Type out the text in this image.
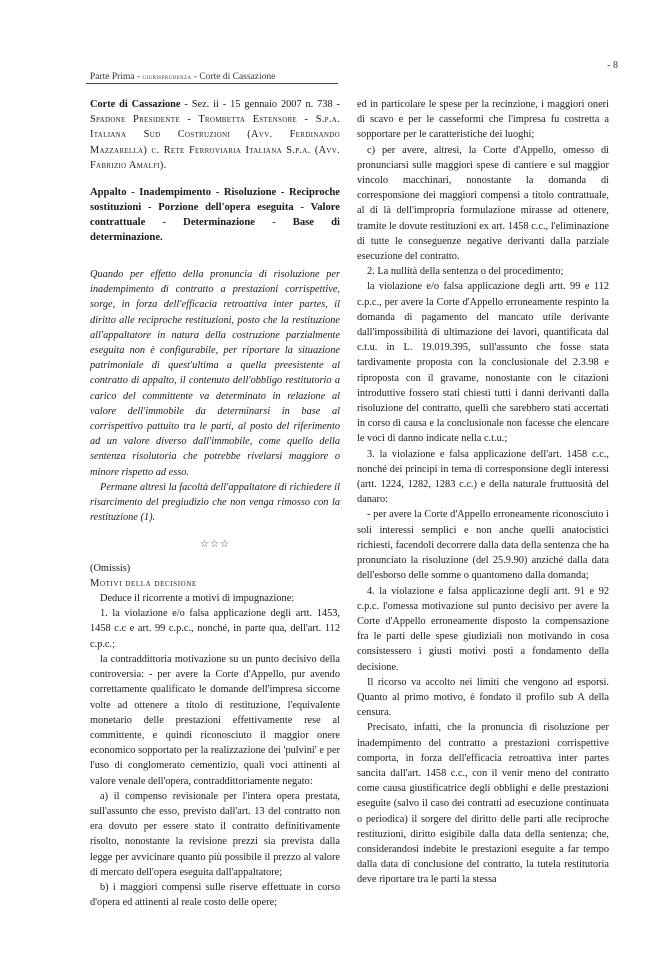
- 8
Parte Prima - giurisprudenza - Corte di Cassazione

Corte di Cassazione - Sez. ii - 15 gennaio 2007 n. 738 - Spadone Presidente - Trombetta Estensore - S.p.a. Italiana Sud Costruzioni (Avv. Ferdinando Mazzarella) c. Rete Ferroviaria Italiana S.p.a. (Avv. Fabrizio Amalfi).

Appalto - Inadempimento - Risoluzione - Reciproche sostituzioni - Porzione dell'opera eseguita - Valore contrattuale - Determinazione - Base di determinazione.

Quando per effetto della pronuncia di risoluzione per inadempimento di contratto a prestazioni corrispettive, sorge, in forza dell'efficacia retroattiva inter partes, il diritto alle reciproche restituzioni, posto che la restituzione all'appaltatore in natura della costruzione parzialmente eseguita non è configurabile, per riportare la situazione patrimoniale di quest'ultima a quella preesistente al contratto di appalto, il contenuto dell'obbligo restitutorio a carico del committente va determinato in relazione al valore dell'immobile da determinarsi in base al corrispettivo pattuito tra le parti, al posto del riferimento ad un valore diverso dall'immobile, come quello della sentenza risolutoria che potrebbe rivelarsi maggiore o minore rispetto ad esso.

Permane altresì la facoltà dell'appaltatore di richiedere il risarcimento del pregiudizio che non venga rimosso con la restituzione (1).

☆☆☆

(Omissis)

Motivi della decisione

Deduce il ricorrente a motivi di impugnazione:

1. la violazione e/o falsa applicazione degli artt. 1453, 1458 c.c e art. 99 c.p.c., nonché, in parte qua, dell'art. 112 c.p.c.;

la contraddittoria motivazione su un punto decisivo della controversia: - per avere la Corte d'Appello, pur avendo correttamente qualificato le domande dell'impresa siccome volte ad ottenere a titolo di restituzione, l'equivalente monetario delle prestazioni effettivamente rese al committente, e quindi riconosciuto il maggior onere economico sopportato per la realizzazione dei 'pulvini' e per l'uso di conglomerato cementizio, quali voci attinenti al valore venale dell'opera, contraddittoriamente negato:

a) il compenso revisionale per l'intera opera prestata, sull'assunto che esso, previsto dall'art. 13 del contratto non era dovuto per essere stato il contratto definitivamente risolto, nonostante la revisione prezzi sia prevista dalla legge per avvicinare quanto più possibile il prezzo al valore di mercato dell'opera eseguita dall'appaltatore;

b) i maggiori compensi sulle riserve effettuate in corso d'opera ed attinenti al reale costo delle opere;

ed in particolare le spese per la recinzione, i maggiori oneri di scavo e per le casseformi che l'impresa fu costretta a sopportare per le caratteristiche dei luoghi;

c) per avere, altresì, la Corte d'Appello, omesso di pronunciarsi sulle maggiori spese di cantiere e sul maggior vincolo macchinari, nonostante la domanda di corresponsione dei maggiori compensi a titolo contrattuale, al di là dell'impropria formulazione mirasse ad ottenere, tramite le dovute restituzioni ex art. 1458 c.c., l'eliminazione di tutte le conseguenze negative derivanti dalla parziale esecuzione del contratto.

2. La nullità della sentenza o del procedimento;

la violazione e/o falsa applicazione degli artt. 99 e 112 c.p.c., per avere la Corte d'Appello erroneamente respinto la domanda di pagamento del mancato utile derivante dall'impossibilità di ultimazione dei lavori, quantificata dal c.t.u. in L. 19.019.395, sull'assunto che fosse stata tardivamente proposta con la conclusionale del 2.3.98 e riproposta con il gravame, nonostante con le citazioni introduttive fossero stati chiesti tutti i danni derivanti dalla risoluzione del contratto, quelli che sarebbero stati accertati in corso di causa e la conclusionale non facesse che elencare le voci di danno indicate nella c.t.u.;

3. la violazione e falsa applicazione dell'art. 1458 c.c., nonché dei principi in tema di corresponsione degli interessi (artt. 1224, 1282, 1283 c.c.) e della naturale fruttuosità del danaro:

- per avere la Corte d'Appello erroneamente riconosciuto i soli interessi semplici e non anche quelli anatocistici richiesti, facendoli decorrere dalla data della sentenza che ha pronunciato la risoluzione (del 25.9.90) anziché dalla data dell'esborso delle somme o quantomeno dalla domanda;

4. la violazione e falsa applicazione degli artt. 91 e 92 c.p.c. l'omessa motivazione sul punto decisivo per avere la Corte d'Appello erroneamente disposto la compensazione fra le parti delle spese giudiziali non motivando in cosa consistessero i giusti motivi posti a fondamento della decisione.

Il ricorso va accolto nei limiti che vengono ad esporsi. Quanto al primo motivo, è fondato il profilo sub A della censura.

Precisato, infatti, che la pronuncia di risoluzione per inadempimento del contratto a prestazioni corrispettive comporta, in forza dell'efficacia retroattiva inter partes sancita dall'art. 1458 c.c., con il venir meno del contratto come causa giustificatrice degli obblighi e delle prestazioni eseguite (salvo il caso dei contratti ad esecuzione continuata o periodica) il sorgere del diritto delle parti alle reciproche restituzioni, diritto esigibile dalla data della sentenza; che, considerandosi indebite le prestazioni eseguite a far tempo dalla data di conclusione del contratto, la tutela restitutoria deve riportare tra le parti la stessa
